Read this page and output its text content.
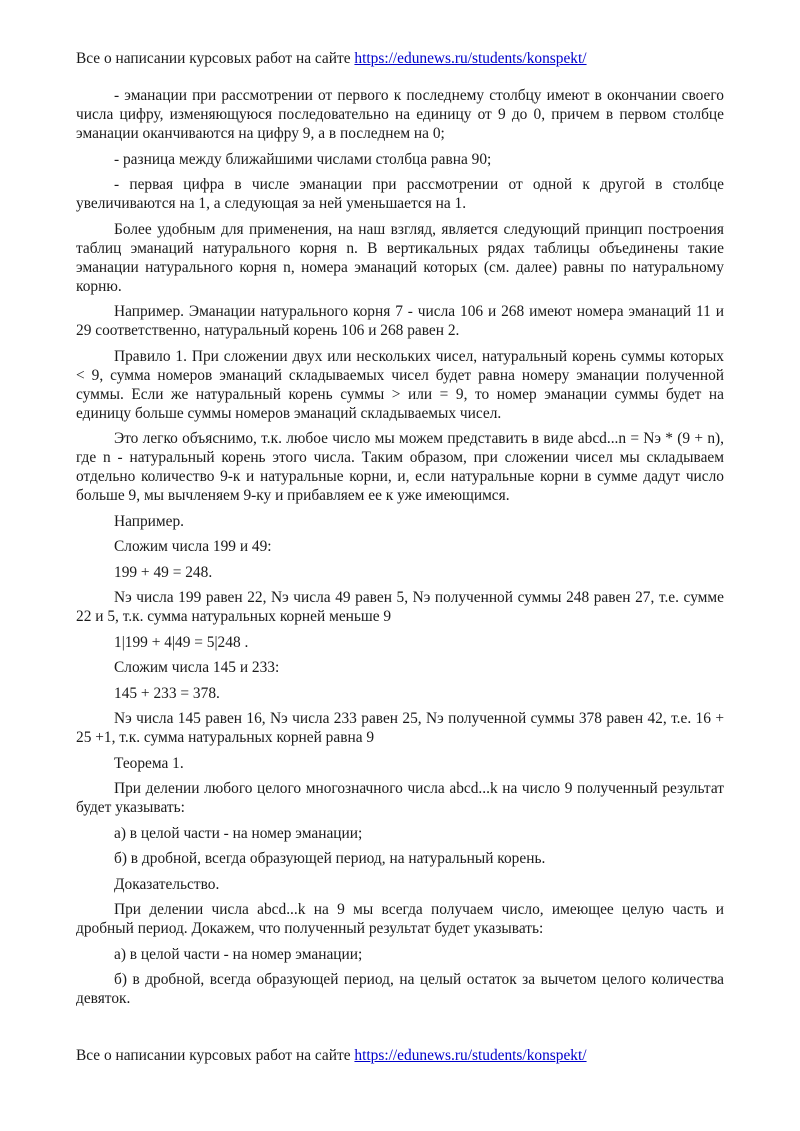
Все о написании курсовых работ на сайте https://edunews.ru/students/konspekt/

- эманации при рассмотрении от первого к последнему столбцу имеют в окончании своего числа цифру, изменяющуюся последовательно на единицу от 9 до 0, причем в первом столбце эманации оканчиваются на цифру 9, а в последнем на 0;

- разница между ближайшими числами столбца равна 90;

- первая цифра в числе эманации при рассмотрении от одной к другой в столбце увеличиваются на 1, а следующая за ней уменьшается на 1.

Более удобным для применения, на наш взгляд, является следующий принцип построения таблиц эманаций натурального корня n. В вертикальных рядах таблицы объединены такие эманации натурального корня n, номера эманаций которых (см. далее) равны по натуральному корню.

Например. Эманации натурального корня 7 - числа 106 и 268 имеют номера эманаций 11 и 29 соответственно, натуральный корень 106 и 268 равен 2.

Правило 1. При сложении двух или нескольких чисел, натуральный корень суммы которых < 9, сумма номеров эманаций складываемых чисел будет равна номеру эманации полученной суммы. Если же натуральный корень суммы > или = 9, то номер эманации суммы будет на единицу больше суммы номеров эманаций складываемых чисел.

Это легко объяснимо, т.к. любое число мы можем представить в виде abcd...n = Nэ * (9 + n), где n - натуральный корень этого числа. Таким образом, при сложении чисел мы складываем отдельно количество 9-к и натуральные корни, и, если натуральные корни в сумме дадут число больше 9, мы вычленяем 9-ку и прибавляем ее к уже имеющимся.

Например.

Сложим числа 199 и 49:

199 + 49 = 248.

Nэ числа 199 равен 22, Nэ числа 49 равен 5, Nэ полученной суммы 248 равен 27, т.е. сумме 22 и 5, т.к. сумма натуральных корней меньше 9

1|199 + 4|49 = 5|248 .

Сложим числа 145 и 233:

145 + 233 = 378.

Nэ числа 145 равен 16, Nэ числа 233 равен 25, Nэ полученной суммы 378 равен 42, т.е. 16 + 25 +1, т.к. сумма натуральных корней равна 9

Теорема 1.

При делении любого целого многозначного числа abcd...k на число 9 полученный результат будет указывать:

а) в целой части - на номер эманации;

б) в дробной, всегда образующей период, на натуральный корень.

Доказательство.

При делении числа abcd...k на 9 мы всегда получаем число, имеющее целую часть и дробный период. Докажем, что полученный результат будет указывать:

а) в целой части - на номер эманации;

б) в дробной, всегда образующей период, на целый остаток за вычетом целого количества девяток.

Все о написании курсовых работ на сайте https://edunews.ru/students/konspekt/
